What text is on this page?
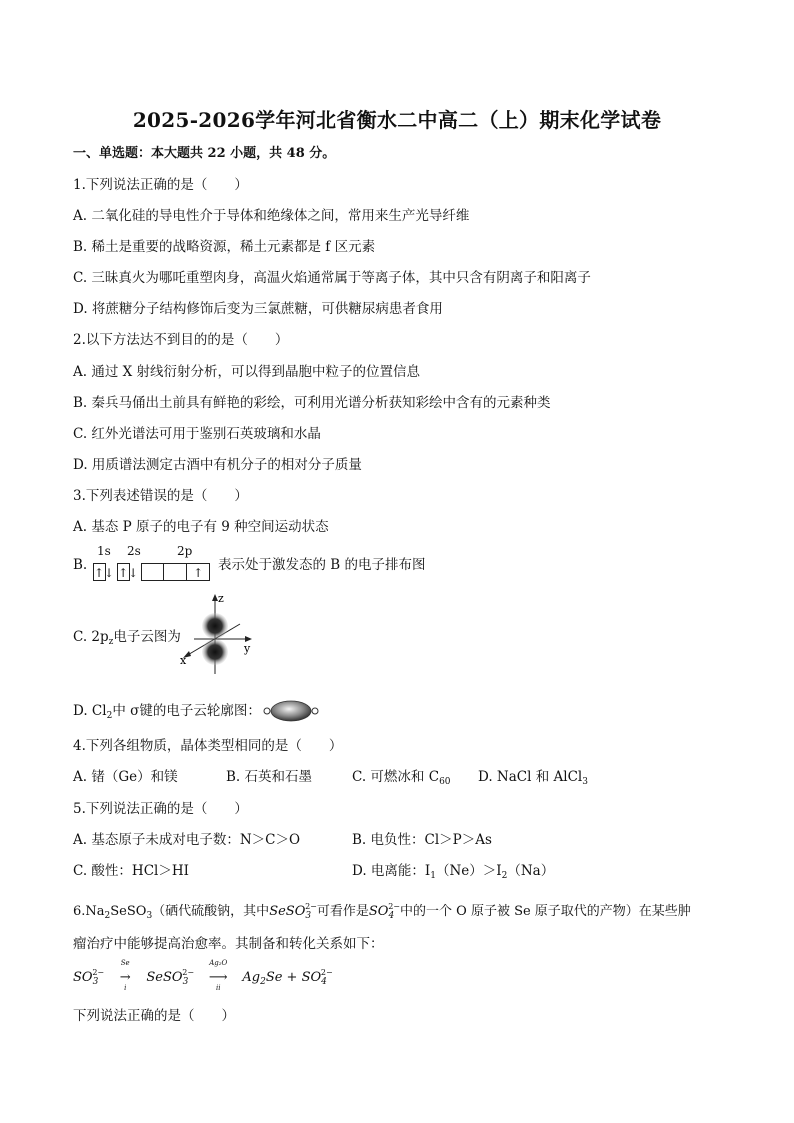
2025-2026学年河北省衡水二中高二（上）期末化学试卷
一、单选题：本大题共 22 小题，共 48 分。
1.下列说法正确的是（　　）
A. 二氧化硅的导电性介于导体和绝缘体之间，常用来生产光导纤维
B. 稀土是重要的战略资源，稀土元素都是 f 区元素
C. 三昧真火为哪吒重塑肉身，高温火焰通常属于等离子体，其中只含有阴离子和阳离子
D. 将蔗糖分子结构修饰后变为三氯蔗糖，可供糖尿病患者食用
2.以下方法达不到目的的是（　　）
A. 通过 X 射线衍射分析，可以得到晶胞中粒子的位置信息
B. 秦兵马俑出土前具有鲜艳的彩绘，可利用光谱分析获知彩绘中含有的元素种类
C. 红外光谱法可用于鉴别石英玻璃和水晶
D. 用质谱法测定古酒中有机分子的相对分子质量
3.下列表述错误的是（　　）
A. 基态 P 原子的电子有 9 种空间运动状态
B.
1s 2s	2p
↑↓ ↑↓	↑	表示处于激发态的 B 的电子排布图
C. $2p_z$电子云图为
z
y
x
D. $Cl_2$中 σ键的电子云轮廓图：
4.下列各组物质，晶体类型相同的是（　　）
A. 锗（Ge）和镁	B. 石英和石墨	C. 可燃冰和 $C_{60}$ D. NaCl 和 AlCl$_3$
5.下列说法正确的是（　　）
A. 基态原子未成对电子数：N＞C＞O	B. 电负性：Cl＞P＞As
C. 酸性：HCl＞HI	D. 电离能：$I_1(Ne)>I_2(Na)$
$6.Na_2SeSO_3$（硒代硫酸钠，其中SeSO$_3^{2-}$可看作是$SO_4^{2-}$中的一个 O 原子被 Se 原子取代的产物）在某些肿
瘤治疗中能够提高治愈率。其制备和转化关系如下：
$SO_3^{2-}$ →
Se
i
SeSO$_3^{2-}$ ⟶
Ag₂O
ii
$Ag_2Se + SO_4^{2-}$
下列说法正确的是（　　）
